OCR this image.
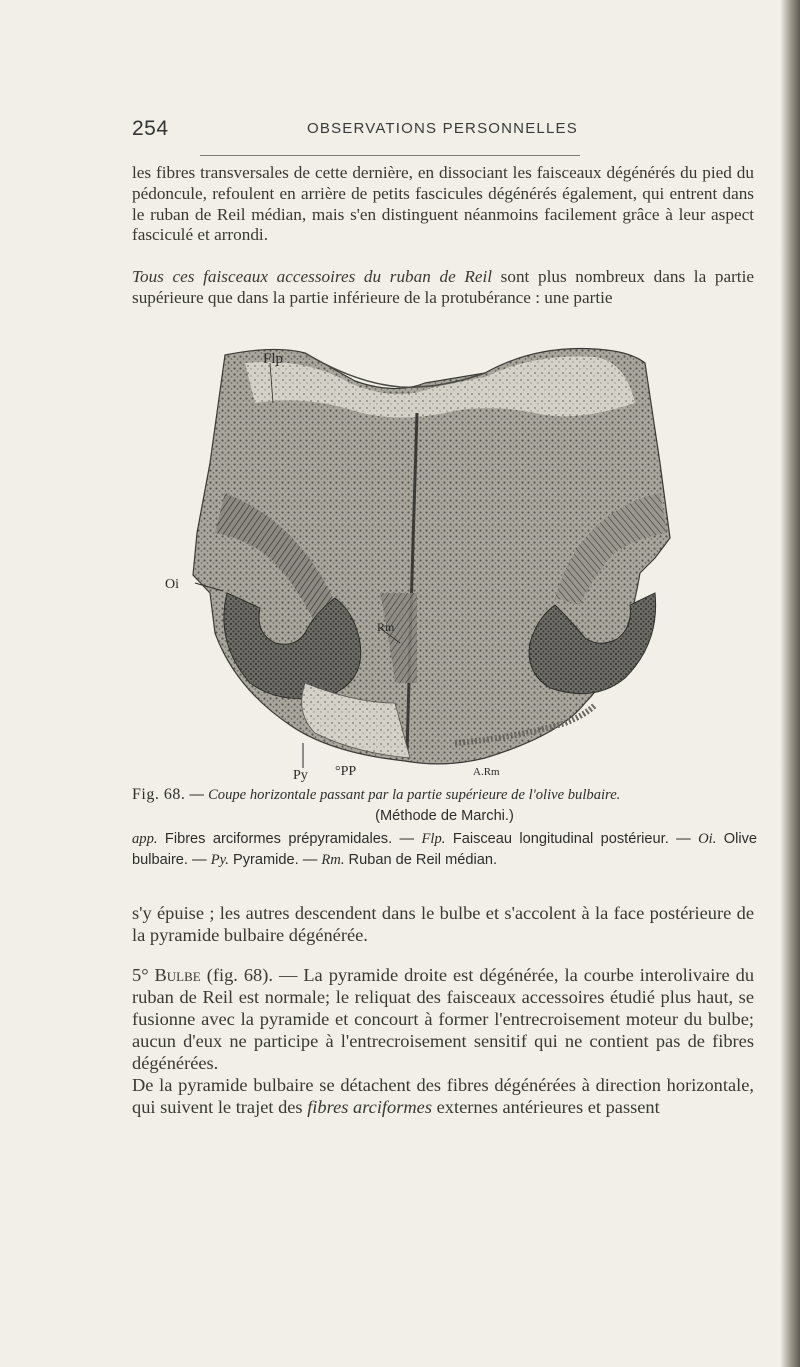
254	OBSERVATIONS PERSONNELLES

les fibres transversales de cette dernière, en dissociant les faisceaux dégénérés du pied du pédoncule, refoulent en arrière de petits fascicules dégénérés également, qui entrent dans le ruban de Reil médian, mais s'en distinguent néanmoins facilement grâce à leur aspect fasciculé et arrondi.

Tous ces faisceaux accessoires du ruban de Reil sont plus nombreux dans la partie supérieure que dans la partie inférieure de la protubérance : une partie

Flp
Oi
Rm
Py °PP	A.Rm
Fig. 68. — Coupe horizontale passant par la partie supérieure de l'olive bulbaire.
(Méthode de Marchi.)
app. Fibres arciformes prépyramidales. — Flp. Faisceau longitudinal postérieur. — Oi. Olive bulbaire. — Py. Pyramide. — Rm. Ruban de Reil médian.

s'y épuise ; les autres descendent dans le bulbe et s'accolent à la face postérieure de la pyramide bulbaire dégénérée.

5° Bulbe (fig. 68). — La pyramide droite est dégénérée, la courbe interolivaire du ruban de Reil est normale; le reliquat des faisceaux accessoires étudié plus haut, se fusionne avec la pyramide et concourt à former l'entrecroisement moteur du bulbe; aucun d'eux ne participe à l'entrecroisement sensitif qui ne contient pas de fibres dégénérées.
De la pyramide bulbaire se détachent des fibres dégénérées à direction horizontale, qui suivent le trajet des fibres arciformes externes antérieures et passent
